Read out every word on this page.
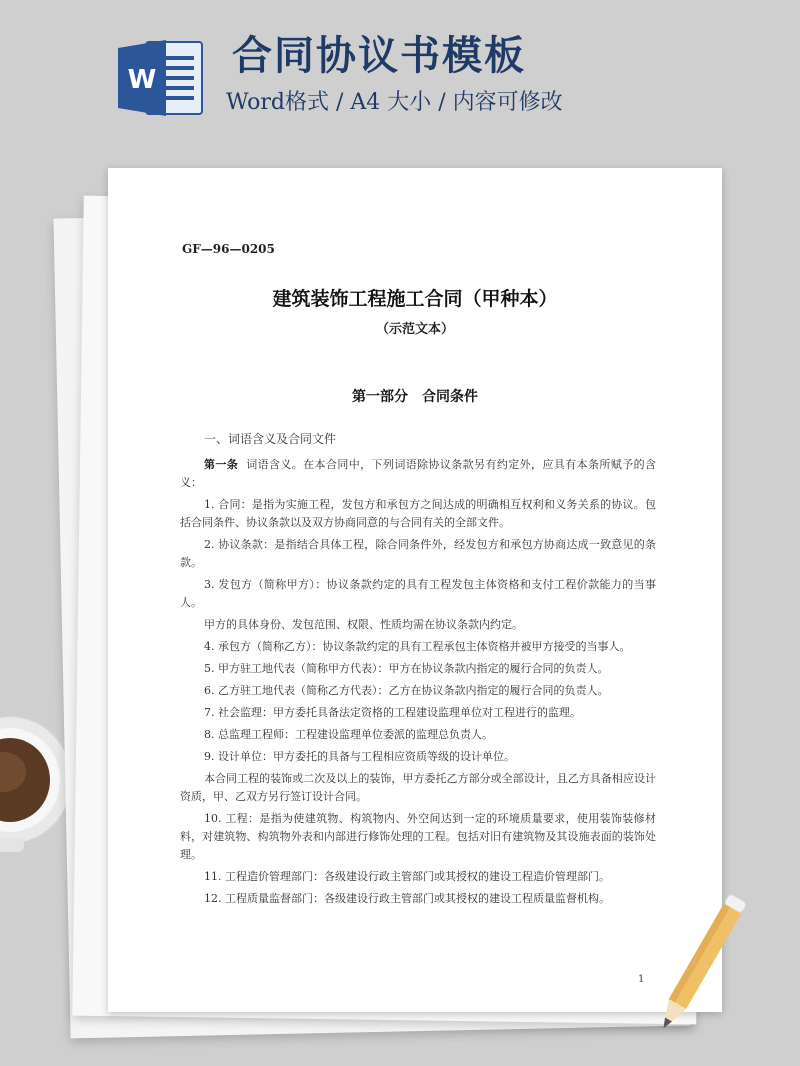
W
合同协议书模板
Word格式 / A4 大小 / 内容可修改
GF—96—0205
建筑装饰工程施工合同（甲种本）
（示范文本）
第一部分　合同条件
一、词语含义及合同文件

第一条 词语含义。在本合同中，下列词语除协议条款另有约定外，应具有本条所赋予的含义：

1. 合同：是指为实施工程，发包方和承包方之间达成的明确相互权利和义务关系的协议。包括合同条件、协议条款以及双方协商同意的与合同有关的全部文件。

2. 协议条款：是指结合具体工程，除合同条件外，经发包方和承包方协商达成一致意见的条款。

3. 发包方（简称甲方）：协议条款约定的具有工程发包主体资格和支付工程价款能力的当事人。

甲方的具体身份、发包范围、权限、性质均需在协议条款内约定。

4. 承包方（简称乙方）：协议条款约定的具有工程承包主体资格并被甲方接受的当事人。

5. 甲方驻工地代表（简称甲方代表）：甲方在协议条款内指定的履行合同的负责人。

6. 乙方驻工地代表（简称乙方代表）：乙方在协议条款内指定的履行合同的负责人。

7. 社会监理：甲方委托具备法定资格的工程建设监理单位对工程进行的监理。

8. 总监理工程师：工程建设监理单位委派的监理总负责人。

9. 设计单位：甲方委托的具备与工程相应资质等级的设计单位。

本合同工程的装饰或二次及以上的装饰，甲方委托乙方部分或全部设计，且乙方具备相应设计资质，甲、乙双方另行签订设计合同。

10. 工程：是指为使建筑物、构筑物内、外空间达到一定的环境质量要求，使用装饰装修材料，对建筑物、构筑物外表和内部进行修饰处理的工程。包括对旧有建筑物及其设施表面的装饰处理。

11. 工程造价管理部门：各级建设行政主管部门或其授权的建设工程造价管理部门。

12. 工程质量监督部门：各级建设行政主管部门或其授权的建设工程质量监督机构。

1
